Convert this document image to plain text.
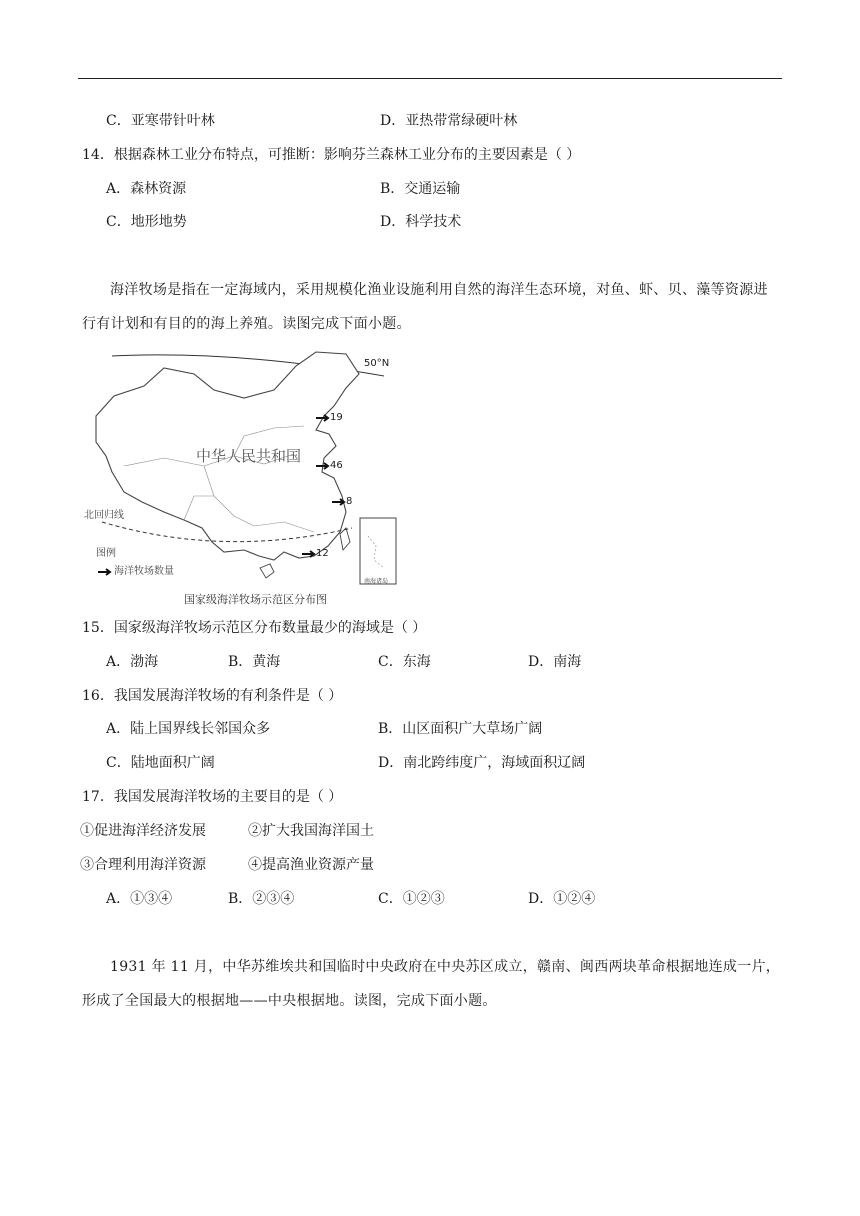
C．亚寒带针叶林	D．亚热带常绿硬叶林
14．根据森林工业分布特点，可推断：影响芬兰森林工业分布的主要因素是（ ）
A．森林资源	B．交通运输
C．地形地势	D．科学技术
海洋牧场是指在一定海域内，采用规模化渔业设施利用自然的海洋生态环境，对鱼、虾、贝、藻等资源进行有计划和有目的的海上养殖。读图完成下面小题。
50°N
中华人民共和国
19
46
8
12
北回归线
图例
海洋牧场数量
南海诸岛
国家级海洋牧场示范区分布图
15．国家级海洋牧场示范区分布数量最少的海域是（ ）
A．渤海	B．黄海	C．东海	D．南海
16．我国发展海洋牧场的有利条件是（ ）
A．陆上国界线长邻国众多	B．山区面积广大草场广阔
C．陆地面积广阔	D．南北跨纬度广，海域面积辽阔
17．我国发展海洋牧场的主要目的是（ ）
①促进海洋经济发展	②扩大我国海洋国土
③合理利用海洋资源	④提高渔业资源产量
A．①③④	B．②③④	C．①②③	D．①②④
1931 年 11 月，中华苏维埃共和国临时中央政府在中央苏区成立，赣南、闽西两块革命根据地连成一片，形成了全国最大的根据地——中央根据地。读图，完成下面小题。
